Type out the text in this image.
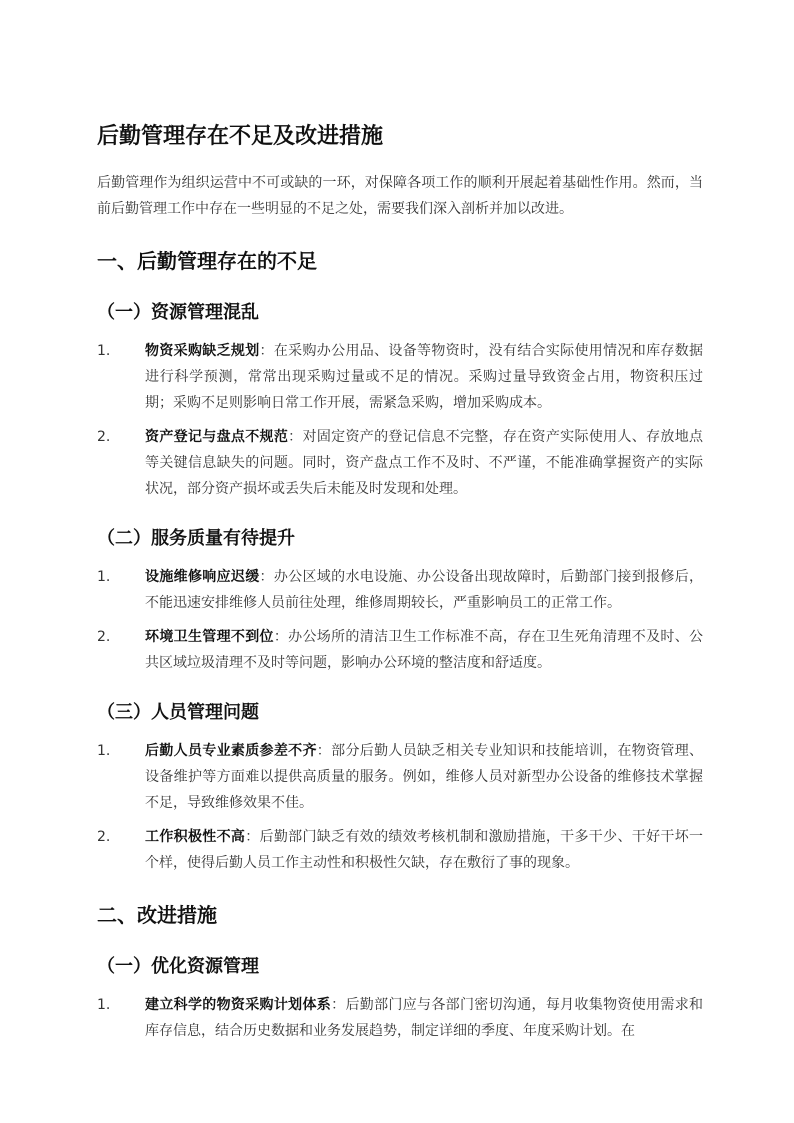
后勤管理存在不足及改进措施

后勤管理作为组织运营中不可或缺的一环，对保障各项工作的顺利开展起着基础性作用。然而，当前后勤管理工作中存在一些明显的不足之处，需要我们深入剖析并加以改进。

一、后勤管理存在的不足
（一）资源管理混乱
1.	物资采购缺乏规划：在采购办公用品、设备等物资时，没有结合实际使用情况和库存数据进行科学预测，常常出现采购过量或不足的情况。采购过量导致资金占用，物资积压过期；采购不足则影响日常工作开展，需紧急采购，增加采购成本。
2.	资产登记与盘点不规范：对固定资产的登记信息不完整，存在资产实际使用人、存放地点等关键信息缺失的问题。同时，资产盘点工作不及时、不严谨，不能准确掌握资产的实际状况，部分资产损坏或丢失后未能及时发现和处理。
（二）服务质量有待提升
1.	设施维修响应迟缓：办公区域的水电设施、办公设备出现故障时，后勤部门接到报修后，不能迅速安排维修人员前往处理，维修周期较长，严重影响员工的正常工作。
2.	环境卫生管理不到位：办公场所的清洁卫生工作标准不高，存在卫生死角清理不及时、公共区域垃圾清理不及时等问题，影响办公环境的整洁度和舒适度。
（三）人员管理问题
1.	后勤人员专业素质参差不齐：部分后勤人员缺乏相关专业知识和技能培训，在物资管理、设备维护等方面难以提供高质量的服务。例如，维修人员对新型办公设备的维修技术掌握不足，导致维修效果不佳。
2.	工作积极性不高：后勤部门缺乏有效的绩效考核机制和激励措施，干多干少、干好干坏一个样，使得后勤人员工作主动性和积极性欠缺，存在敷衍了事的现象。
二、改进措施
（一）优化资源管理
1.	建立科学的物资采购计划体系：后勤部门应与各部门密切沟通，每月收集物资使用需求和库存信息，结合历史数据和业务发展趋势，制定详细的季度、年度采购计划。在
